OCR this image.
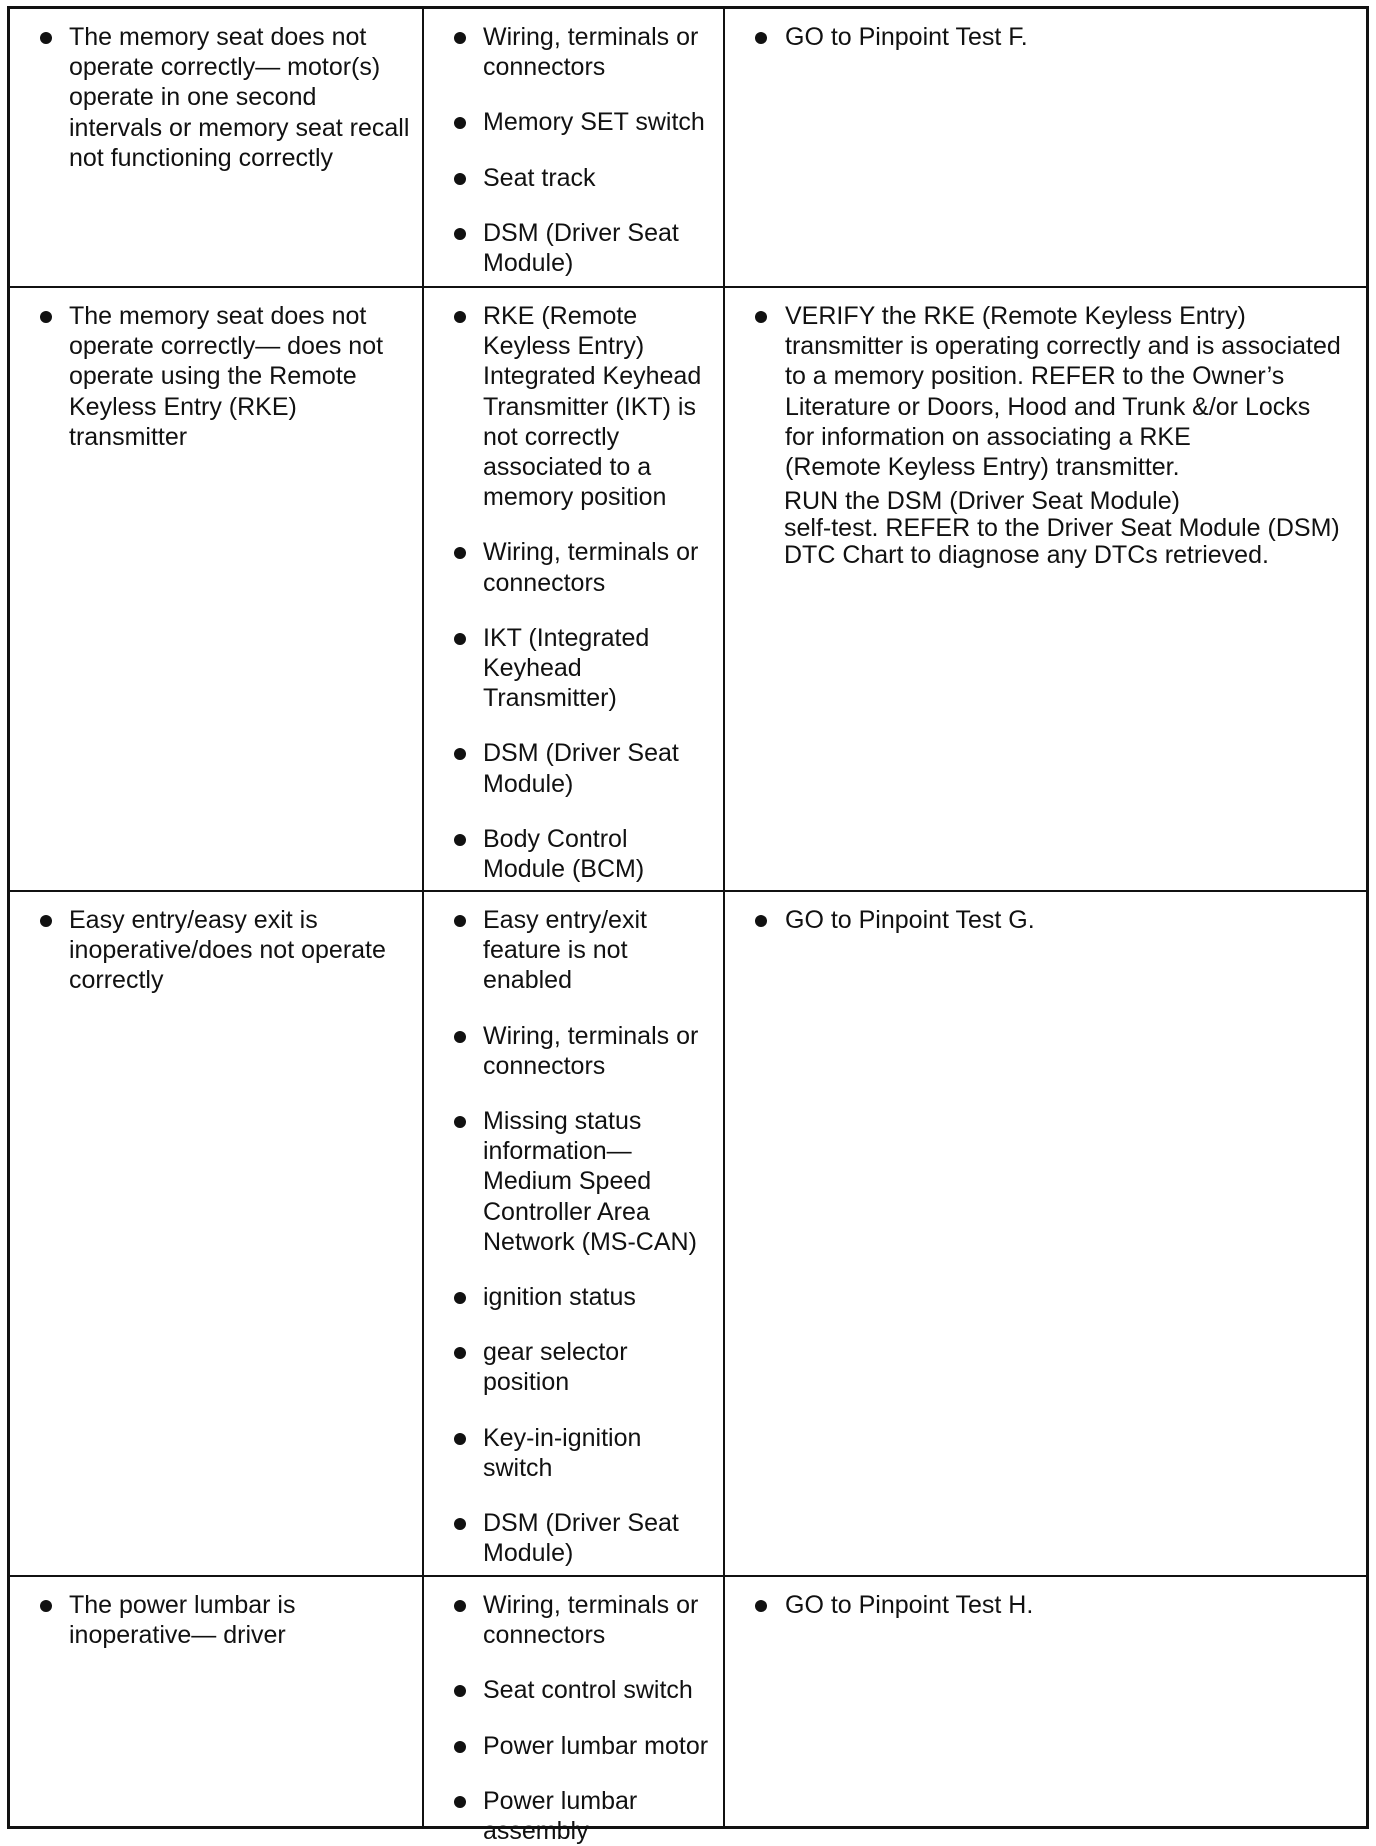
The memory seat does not
operate correctly— motor(s)
operate in one second
intervals or memory seat recall
not functioning correctly
Wiring, terminals or
connectors
Memory SET switch
Seat track
DSM (Driver Seat
Module)
GO to Pinpoint Test F.
The memory seat does not
operate correctly— does not
operate using the Remote
Keyless Entry (RKE)
transmitter
RKE (Remote
Keyless Entry)
Integrated Keyhead
Transmitter (IKT) is
not correctly
associated to a
memory position
Wiring, terminals or
connectors
IKT (Integrated
Keyhead
Transmitter)
DSM (Driver Seat
Module)
Body Control
Module (BCM)
VERIFY the RKE (Remote Keyless Entry)
transmitter is operating correctly and is associated
to a memory position. REFER to the Owner’s
Literature or Doors, Hood and Trunk &/or Locks
for information on associating a RKE
(Remote Keyless Entry) transmitter.
RUN the DSM (Driver Seat Module)
self-test. REFER to the Driver Seat Module (DSM)
DTC Chart to diagnose any DTCs retrieved.
Easy entry/easy exit is
inoperative/does not operate
correctly
Easy entry/exit
feature is not
enabled
Wiring, terminals or
connectors
Missing status
information—
Medium Speed
Controller Area
Network (MS-CAN)
ignition status
gear selector
position
Key-in-ignition
switch
DSM (Driver Seat
Module)
GO to Pinpoint Test G.
The power lumbar is
inoperative— driver
Wiring, terminals or
connectors
Seat control switch
Power lumbar motor
Power lumbar
assembly
GO to Pinpoint Test H.
